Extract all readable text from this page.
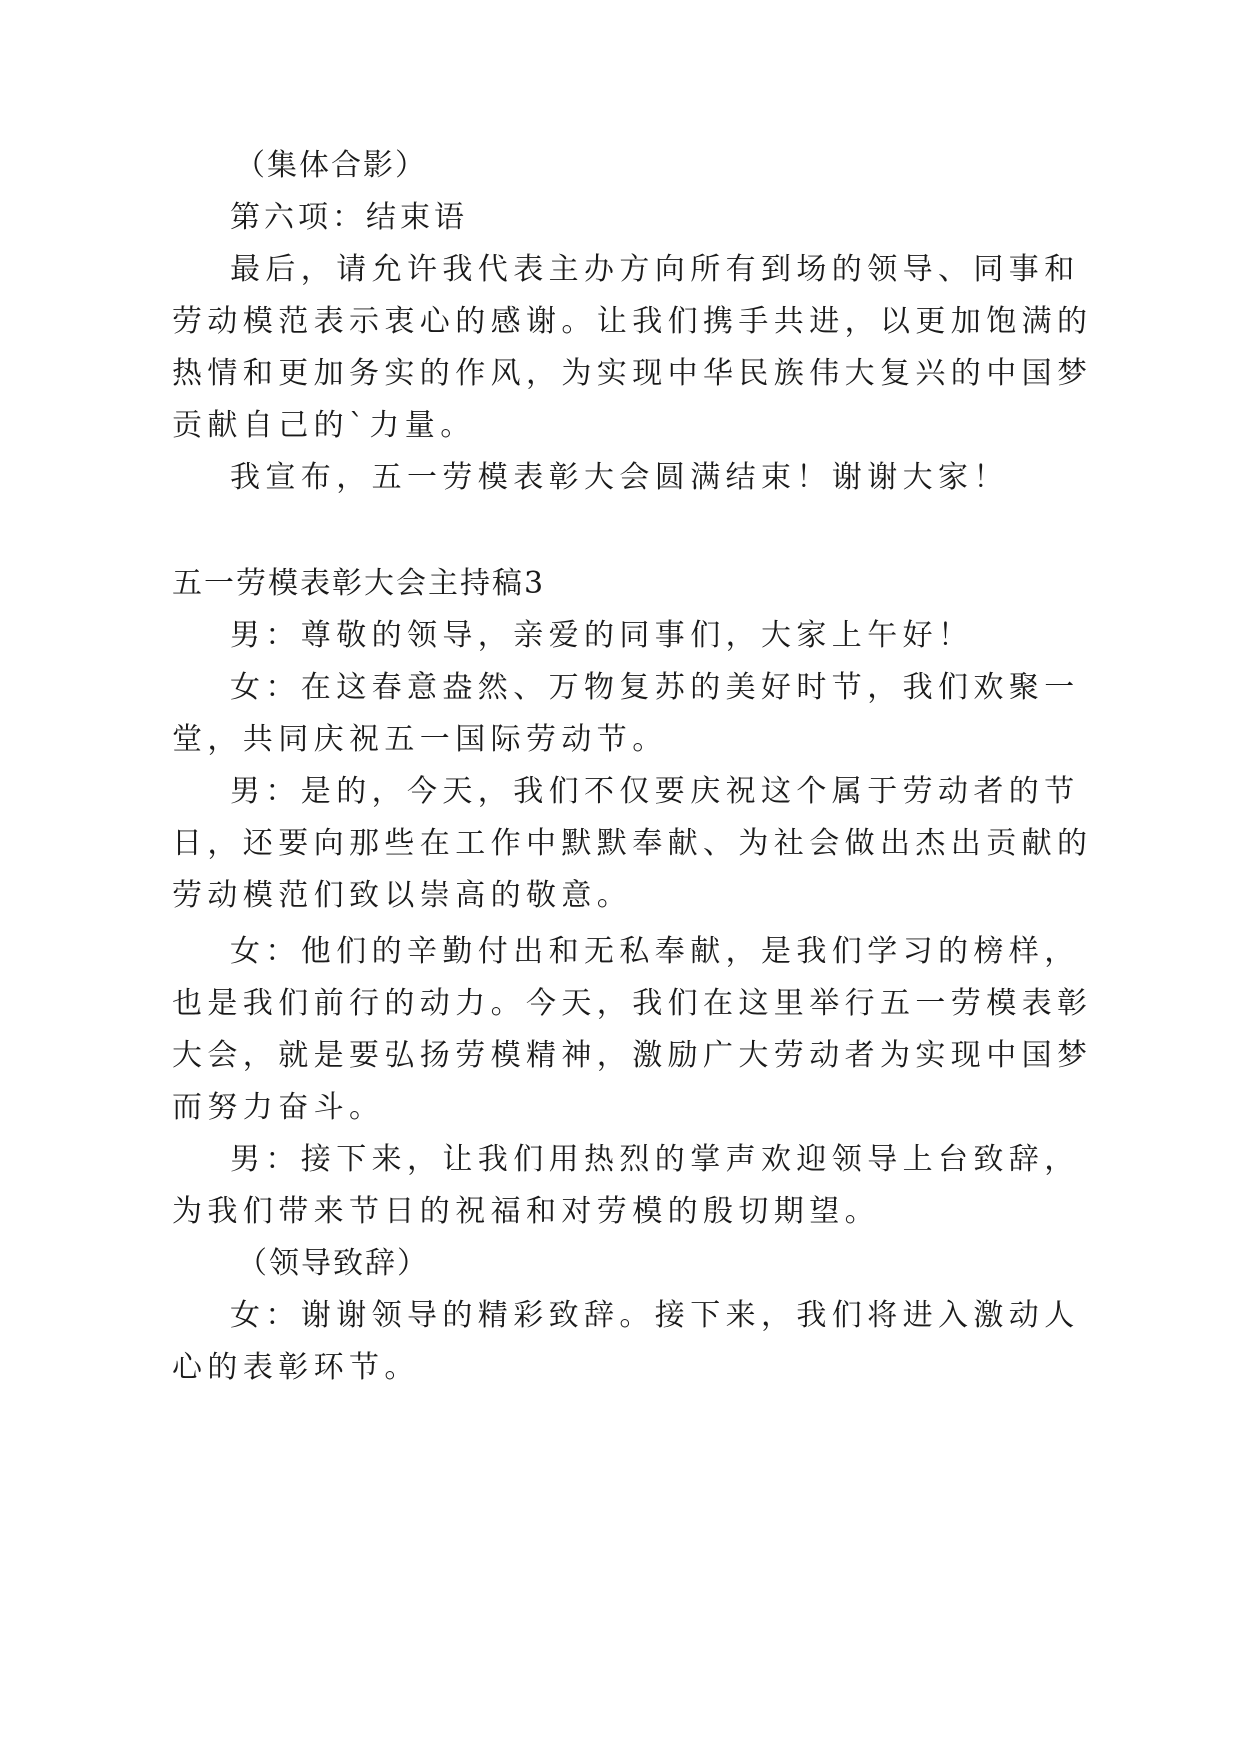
（集体合影）
第六项：结束语
最后，请允许我代表主办方向所有到场的领导、同事和
劳动模范表示衷心的感谢。让我们携手共进，以更加饱满的
热情和更加务实的作风，为实现中华民族伟大复兴的中国梦
贡献自己的`力量。
我宣布，五一劳模表彰大会圆满结束！谢谢大家！
五一劳模表彰大会主持稿3
男：尊敬的领导，亲爱的同事们，大家上午好！
女：在这春意盎然、万物复苏的美好时节，我们欢聚一
堂，共同庆祝五一国际劳动节。
男：是的，今天，我们不仅要庆祝这个属于劳动者的节
日，还要向那些在工作中默默奉献、为社会做出杰出贡献的
劳动模范们致以崇高的敬意。
女：他们的辛勤付出和无私奉献，是我们学习的榜样，
也是我们前行的动力。今天，我们在这里举行五一劳模表彰
大会，就是要弘扬劳模精神，激励广大劳动者为实现中国梦
而努力奋斗。
男：接下来，让我们用热烈的掌声欢迎领导上台致辞，
为我们带来节日的祝福和对劳模的殷切期望。
（领导致辞）
女：谢谢领导的精彩致辞。接下来，我们将进入激动人
心的表彰环节。
